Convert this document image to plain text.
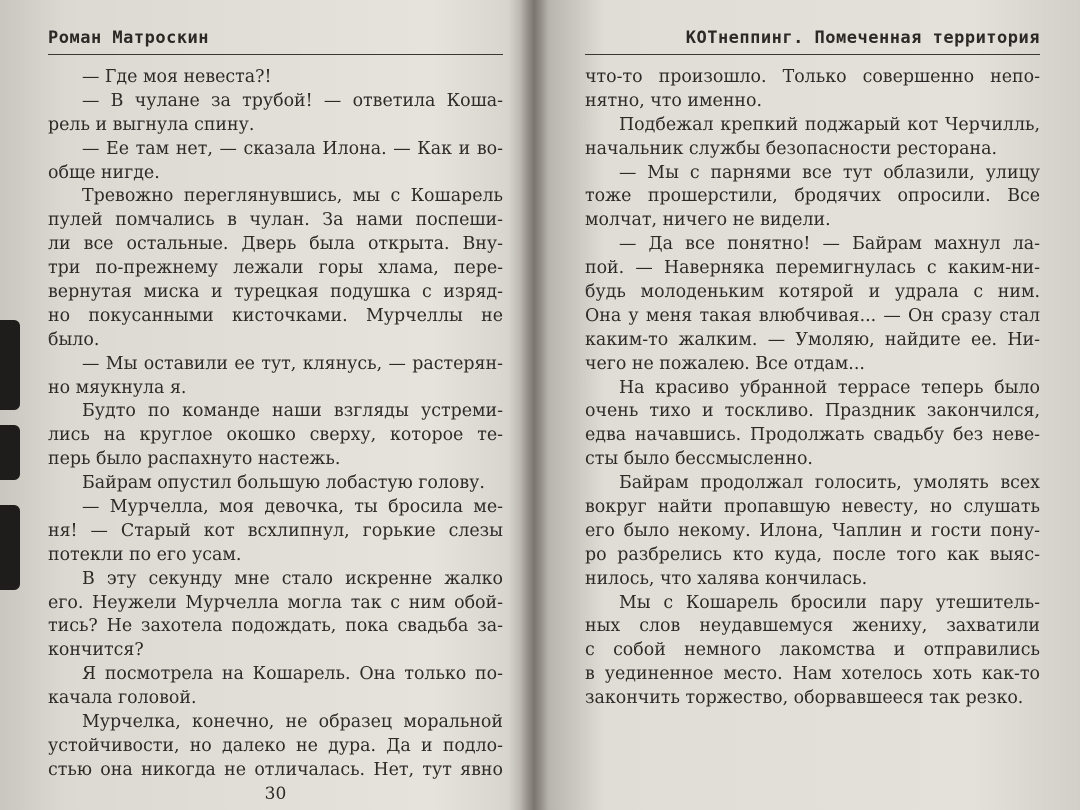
Роман Матроскин
— Где моя невеста?!
— В чулане за трубой! — ответила Коша-
рель и выгнула спину.
— Ее там нет, — сказала Илона. — Как и во-
обще нигде.
Тревожно переглянувшись, мы с Кошарель
пулей помчались в чулан. За нами поспеши-
ли все остальные. Дверь была открыта. Вну-
три по-прежнему лежали горы хлама, пере-
вернутая миска и турецкая подушка с изряд-
но покусанными кисточками. Мурчеллы не
было.
— Мы оставили ее тут, клянусь, — растерян-
но мяукнула я.
Будто по команде наши взгляды устреми-
лись на круглое окошко сверху, которое те-
перь было распахнуто настежь.
Байрам опустил большую лобастую голову.
— Мурчелла, моя девочка, ты бросила ме-
ня! — Старый кот всхлипнул, горькие слезы
потекли по его усам.
В эту секунду мне стало искренне жалко
его. Неужели Мурчелла могла так с ним обой-
тись? Не захотела подождать, пока свадьба за-
кончится?
Я посмотрела на Кошарель. Она только по-
качала головой.
Мурчелка, конечно, не образец моральной
устойчивости, но далеко не дура. Да и подло-
стью она никогда не отличалась. Нет, тут явно
30
КОТнеппинг. Помеченная территория
что-то произошло. Только совершенно непо-
нятно, что именно.
Подбежал крепкий поджарый кот Черчилль,
начальник службы безопасности ресторана.
— Мы с парнями все тут облазили, улицу
тоже прошерстили, бродячих опросили. Все
молчат, ничего не видели.
— Да все понятно! — Байрам махнул ла-
пой. — Наверняка перемигнулась с каким-ни-
будь молоденьким котярой и удрала с ним.
Она у меня такая влюбчивая... — Он сразу стал
каким-то жалким. — Умоляю, найдите ее. Ни-
чего не пожалею. Все отдам...
На красиво убранной террасе теперь было
очень тихо и тоскливо. Праздник закончился,
едва начавшись. Продолжать свадьбу без неве-
сты было бессмысленно.
Байрам продолжал голосить, умолять всех
вокруг найти пропавшую невесту, но слушать
его было некому. Илона, Чаплин и гости пону-
ро разбрелись кто куда, после того как выяс-
нилось, что халява кончилась.
Мы с Кошарель бросили пару утешитель-
ных слов неудавшемуся жениху, захватили
с собой немного лакомства и отправились
в уединенное место. Нам хотелось хоть как-то
закончить торжество, оборвавшееся так резко.
